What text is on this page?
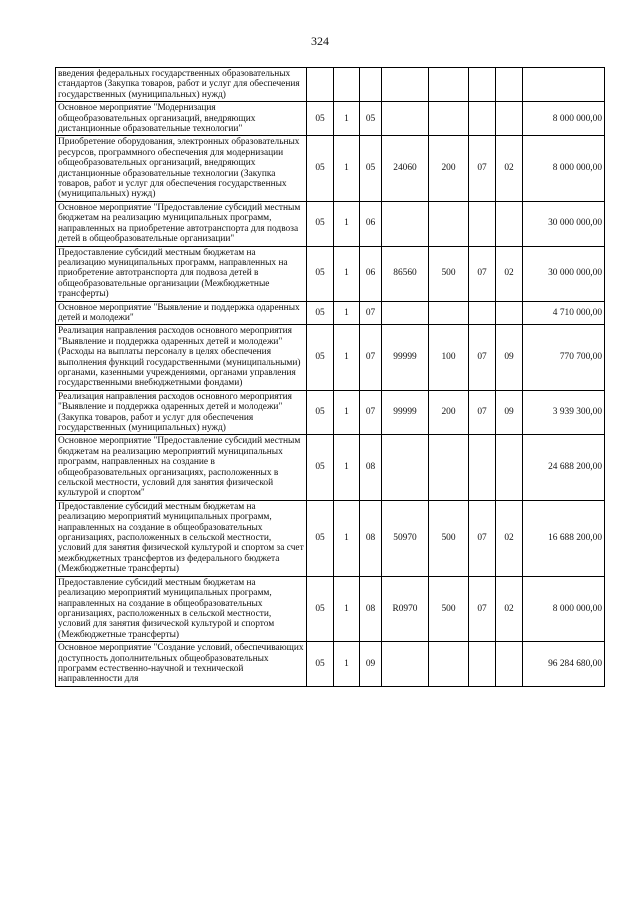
324
введения федеральных государственных образовательных стандартов (Закупка товаров, работ и услуг для обеспечения государственных (муниципальных) нужд)								
Основное мероприятие "Модернизация общеобразовательных организаций, внедряющих дистанционные образовательные технологии"	05	1	05					8 000 000,00
Приобретение оборудования, электронных образовательных ресурсов, программного обеспечения для модернизации общеобразовательных организаций, внедряющих дистанционные образовательные технологии (Закупка товаров, работ и услуг для обеспечения государственных (муниципальных) нужд)	05	1	05	24060	200	07	02	8 000 000,00
Основное мероприятие "Предоставление субсидий местным бюджетам на реализацию муниципальных программ, направленных на приобретение автотранспорта для подвоза детей в общеобразовательные организации"	05	1	06					30 000 000,00
Предоставление субсидий местным бюджетам на реализацию муниципальных программ, направленных на приобретение автотранспорта для подвоза детей в общеобразовательные организации (Межбюджетные трансферты)	05	1	06	86560	500	07	02	30 000 000,00
Основное мероприятие "Выявление и поддержка одаренных детей и молодежи"	05	1	07					4 710 000,00
Реализация направления расходов основного мероприятия "Выявление и поддержка одаренных детей и молодежи" (Расходы на выплаты персоналу в целях обеспечения выполнения функций государственными (муниципальными) органами, казенными учреждениями, органами управления государственными внебюджетными фондами)	05	1	07	99999	100	07	09	770 700,00
Реализация направления расходов основного мероприятия "Выявление и поддержка одаренных детей и молодежи" (Закупка товаров, работ и услуг для обеспечения государственных (муниципальных) нужд)	05	1	07	99999	200	07	09	3 939 300,00
Основное мероприятие "Предоставление субсидий местным бюджетам на реализацию мероприятий муниципальных программ, направленных на создание в общеобразовательных организациях, расположенных в сельской местности, условий для занятия физической культурой и спортом"	05	1	08					24 688 200,00
Предоставление субсидий местным бюджетам на реализацию мероприятий муниципальных программ, направленных на создание в общеобразовательных организациях, расположенных в сельской местности, условий для занятия физической культурой и спортом за счет межбюджетных трансфертов из федерального бюджета (Межбюджетные трансферты)	05	1	08	50970	500	07	02	16 688 200,00
Предоставление субсидий местным бюджетам на реализацию мероприятий муниципальных программ, направленных на создание в общеобразовательных организациях, расположенных в сельской местности, условий для занятия физической культурой и спортом (Межбюджетные трансферты)	05	1	08	R0970	500	07	02	8 000 000,00
Основное мероприятие "Создание условий, обеспечивающих доступность дополнительных общеобразовательных программ естественно-научной и технической направленности для	05	1	09					96 284 680,00
